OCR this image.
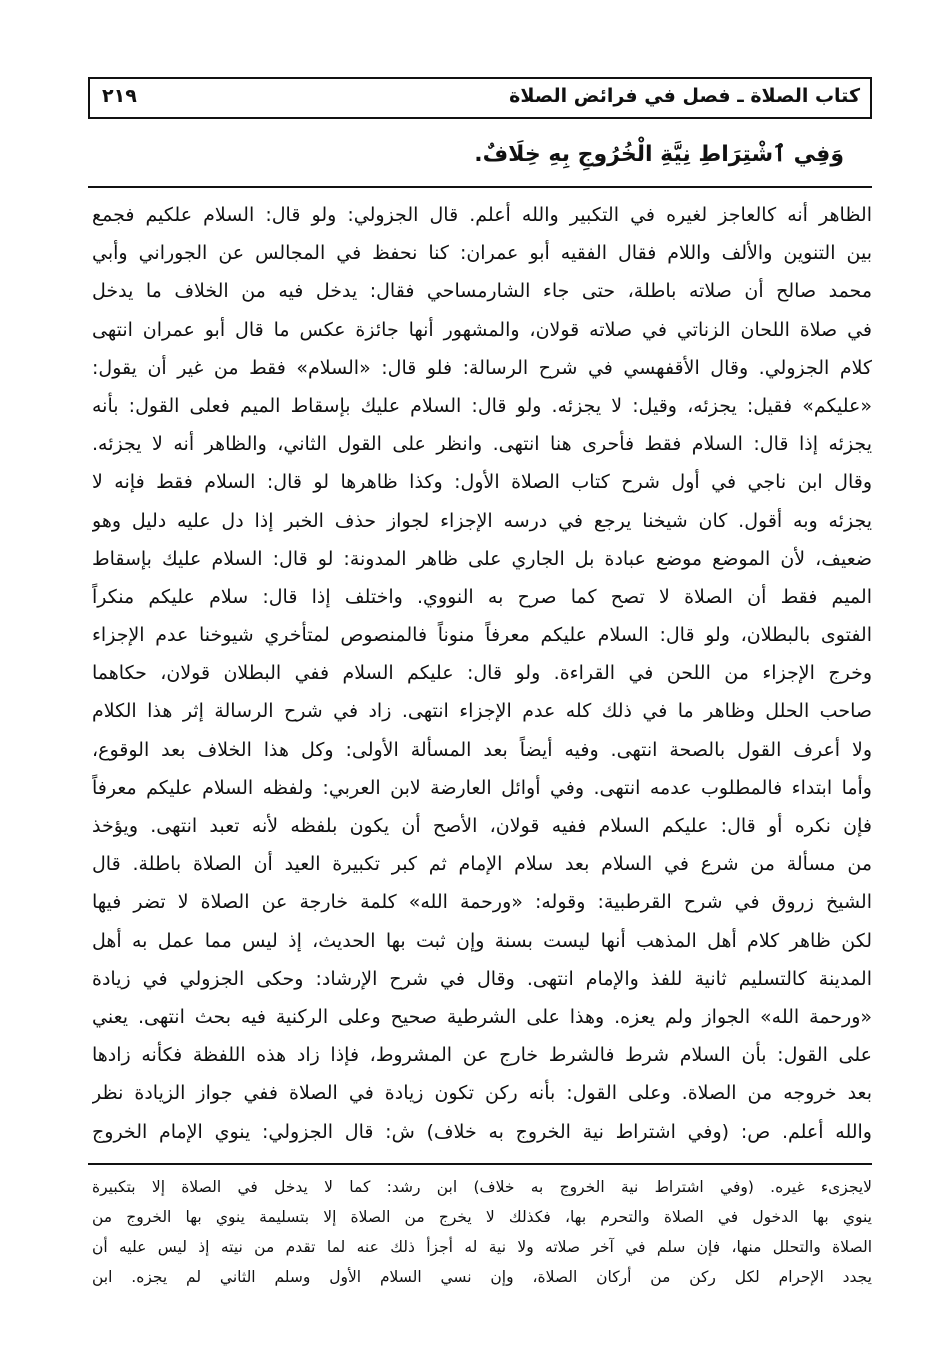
كتاب الصلاة ـ فصل في فرائض الصلاة
٢١٩
وَفِي ٱشْتِرَاطِ نِيَّةِ الْخُرُوجِ بِهِ خِلَافٌ.
الظاهر أنه كالعاجز لغيره في التكبير والله أعلم. قال الجزولي: ولو قال: السلام علكيم فجمع
بين التنوين والألف واللام فقال الفقيه أبو عمران: كنا نحفظ في المجالس عن الجوراني وأبي
محمد صالح أن صلاته باطلة، حتى جاء الشارمساحي فقال: يدخل فيه من الخلاف ما يدخل
في صلاة اللحان الزناتي في صلاته قولان، والمشهور أنها جائزة عكس ما قال أبو عمران انتهى
كلام الجزولي. وقال الأقفهسي في شرح الرسالة: فلو قال: «السلام» فقط من غير أن يقول:
«عليكم» فقيل: يجزئه، وقيل: لا يجزئه. ولو قال: السلام عليك بإسقاط الميم فعلى القول: بأنه
يجزئه إذا قال: السلام فقط فأحرى هنا انتهى. وانظر على القول الثاني، والظاهر أنه لا يجزئه.
وقال ابن ناجي في أول شرح كتاب الصلاة الأول: وكذا ظاهرها لو قال: السلام فقط فإنه لا
يجزئه وبه أقول. كان شيخنا يرجع في درسه الإجزاء لجواز حذف الخبر إذا دل عليه دليل وهو
ضعيف، لأن الموضع موضع عبادة بل الجاري على ظاهر المدونة: لو قال: السلام عليك بإسقاط
الميم فقط أن الصلاة لا تصح كما صرح به النووي. واختلف إذا قال: سلام عليكم منكراً
الفتوى بالبطلان، ولو قال: السلام عليكم معرفاً منوناً فالمنصوص لمتأخري شيوخنا عدم الإجزاء
وخرج الإجزاء من اللحن في القراءة. ولو قال: عليكم السلام ففي البطلان قولان، حكاهما
صاحب الحلل وظاهر ما في ذلك كله عدم الإجزاء انتهى. زاد في شرح الرسالة إثر هذا الكلام
ولا أعرف القول بالصحة انتهى. وفيه أيضاً بعد المسألة الأولى: وكل هذا الخلاف بعد الوقوع،
وأما ابتداء فالمطلوب عدمه انتهى. وفي أوائل العارضة لابن العربي: ولفظه السلام عليكم معرفاً
فإن نكره أو قال: عليكم السلام ففيه قولان، الأصح أن يكون بلفظه لأنه تعبد انتهى. ويؤخذ
من مسألة من شرع في السلام بعد سلام الإمام ثم كبر تكبيرة العيد أن الصلاة باطلة. قال
الشيخ زروق في شرح القرطبية: وقوله: «ورحمة الله» كلمة خارجة عن الصلاة لا تضر فيها
لكن ظاهر كلام أهل المذهب أنها ليست بسنة وإن ثبت بها الحديث، إذ ليس مما عمل به أهل
المدينة كالتسليم ثانية للفذ والإمام انتهى. وقال في شرح الإرشاد: وحكى الجزولي في زيادة
«ورحمة الله» الجواز ولم يعزه. وهذا على الشرطية صحيح وعلى الركنية فيه بحث انتهى. يعني
على القول: بأن السلام شرط فالشرط خارج عن المشروط، فإذا زاد هذه اللفظة فكأنه زادها
بعد خروجه من الصلاة. وعلى القول: بأنه ركن تكون زيادة في الصلاة ففي جواز الزيادة نظر
والله أعلم. ص: (وفي اشتراط نية الخروج به خلاف) ش: قال الجزولي: ينوي الإمام الخروج
لايجزىء غيره. (وفي اشتراط نية الخروج به خلاف) ابن رشد: كما لا يدخل في الصلاة إلا بتكبيرة
ينوي بها الدخول في الصلاة والتحرم بها، فكذلك لا يخرج من الصلاة إلا بتسليمة ينوي بها الخروج من
الصلاة والتحلل منها، فإن سلم في آخر صلاته ولا نية له أجزأ ذلك عنه لما تقدم من نيته إذ ليس عليه أن
يجدد الإحرام لكل ركن من أركان الصلاة، وإن نسي السلام الأول وسلم الثاني لم يجزه. ابن
